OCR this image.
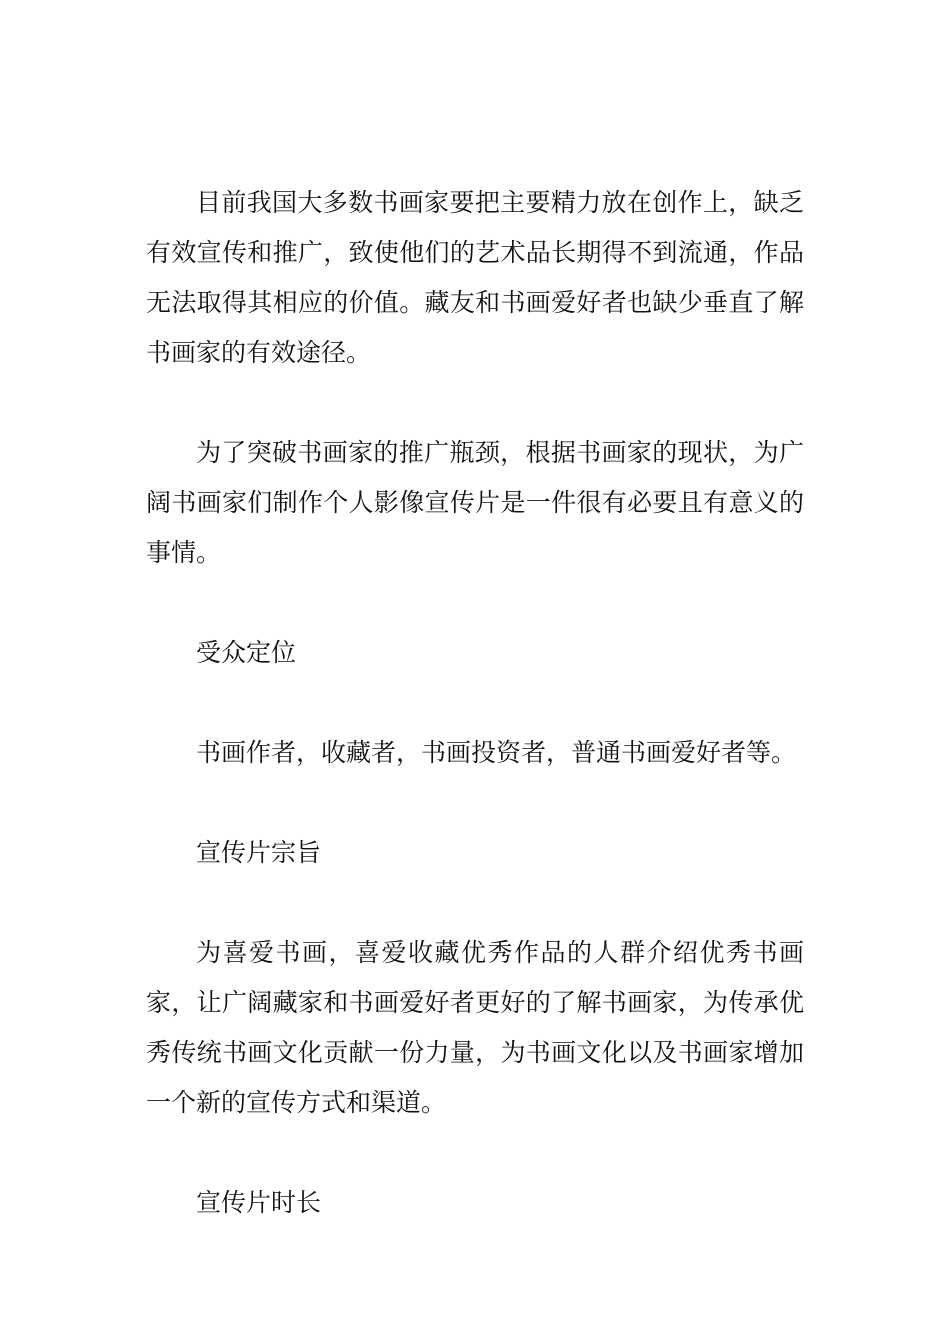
目前我国大多数书画家要把主要精力放在创作上，缺乏有效宣传和推广，致使他们的艺术品长期得不到流通，作品无法取得其相应的价值。藏友和书画爱好者也缺少垂直了解书画家的有效途径。

为了突破书画家的推广瓶颈，根据书画家的现状，为广阔书画家们制作个人影像宣传片是一件很有必要且有意义的事情。

受众定位

书画作者，收藏者，书画投资者，普通书画爱好者等。

宣传片宗旨

为喜爱书画，喜爱收藏优秀作品的人群介绍优秀书画家，让广阔藏家和书画爱好者更好的了解书画家，为传承优秀传统书画文化贡献一份力量，为书画文化以及书画家增加一个新的宣传方式和渠道。

宣传片时长
